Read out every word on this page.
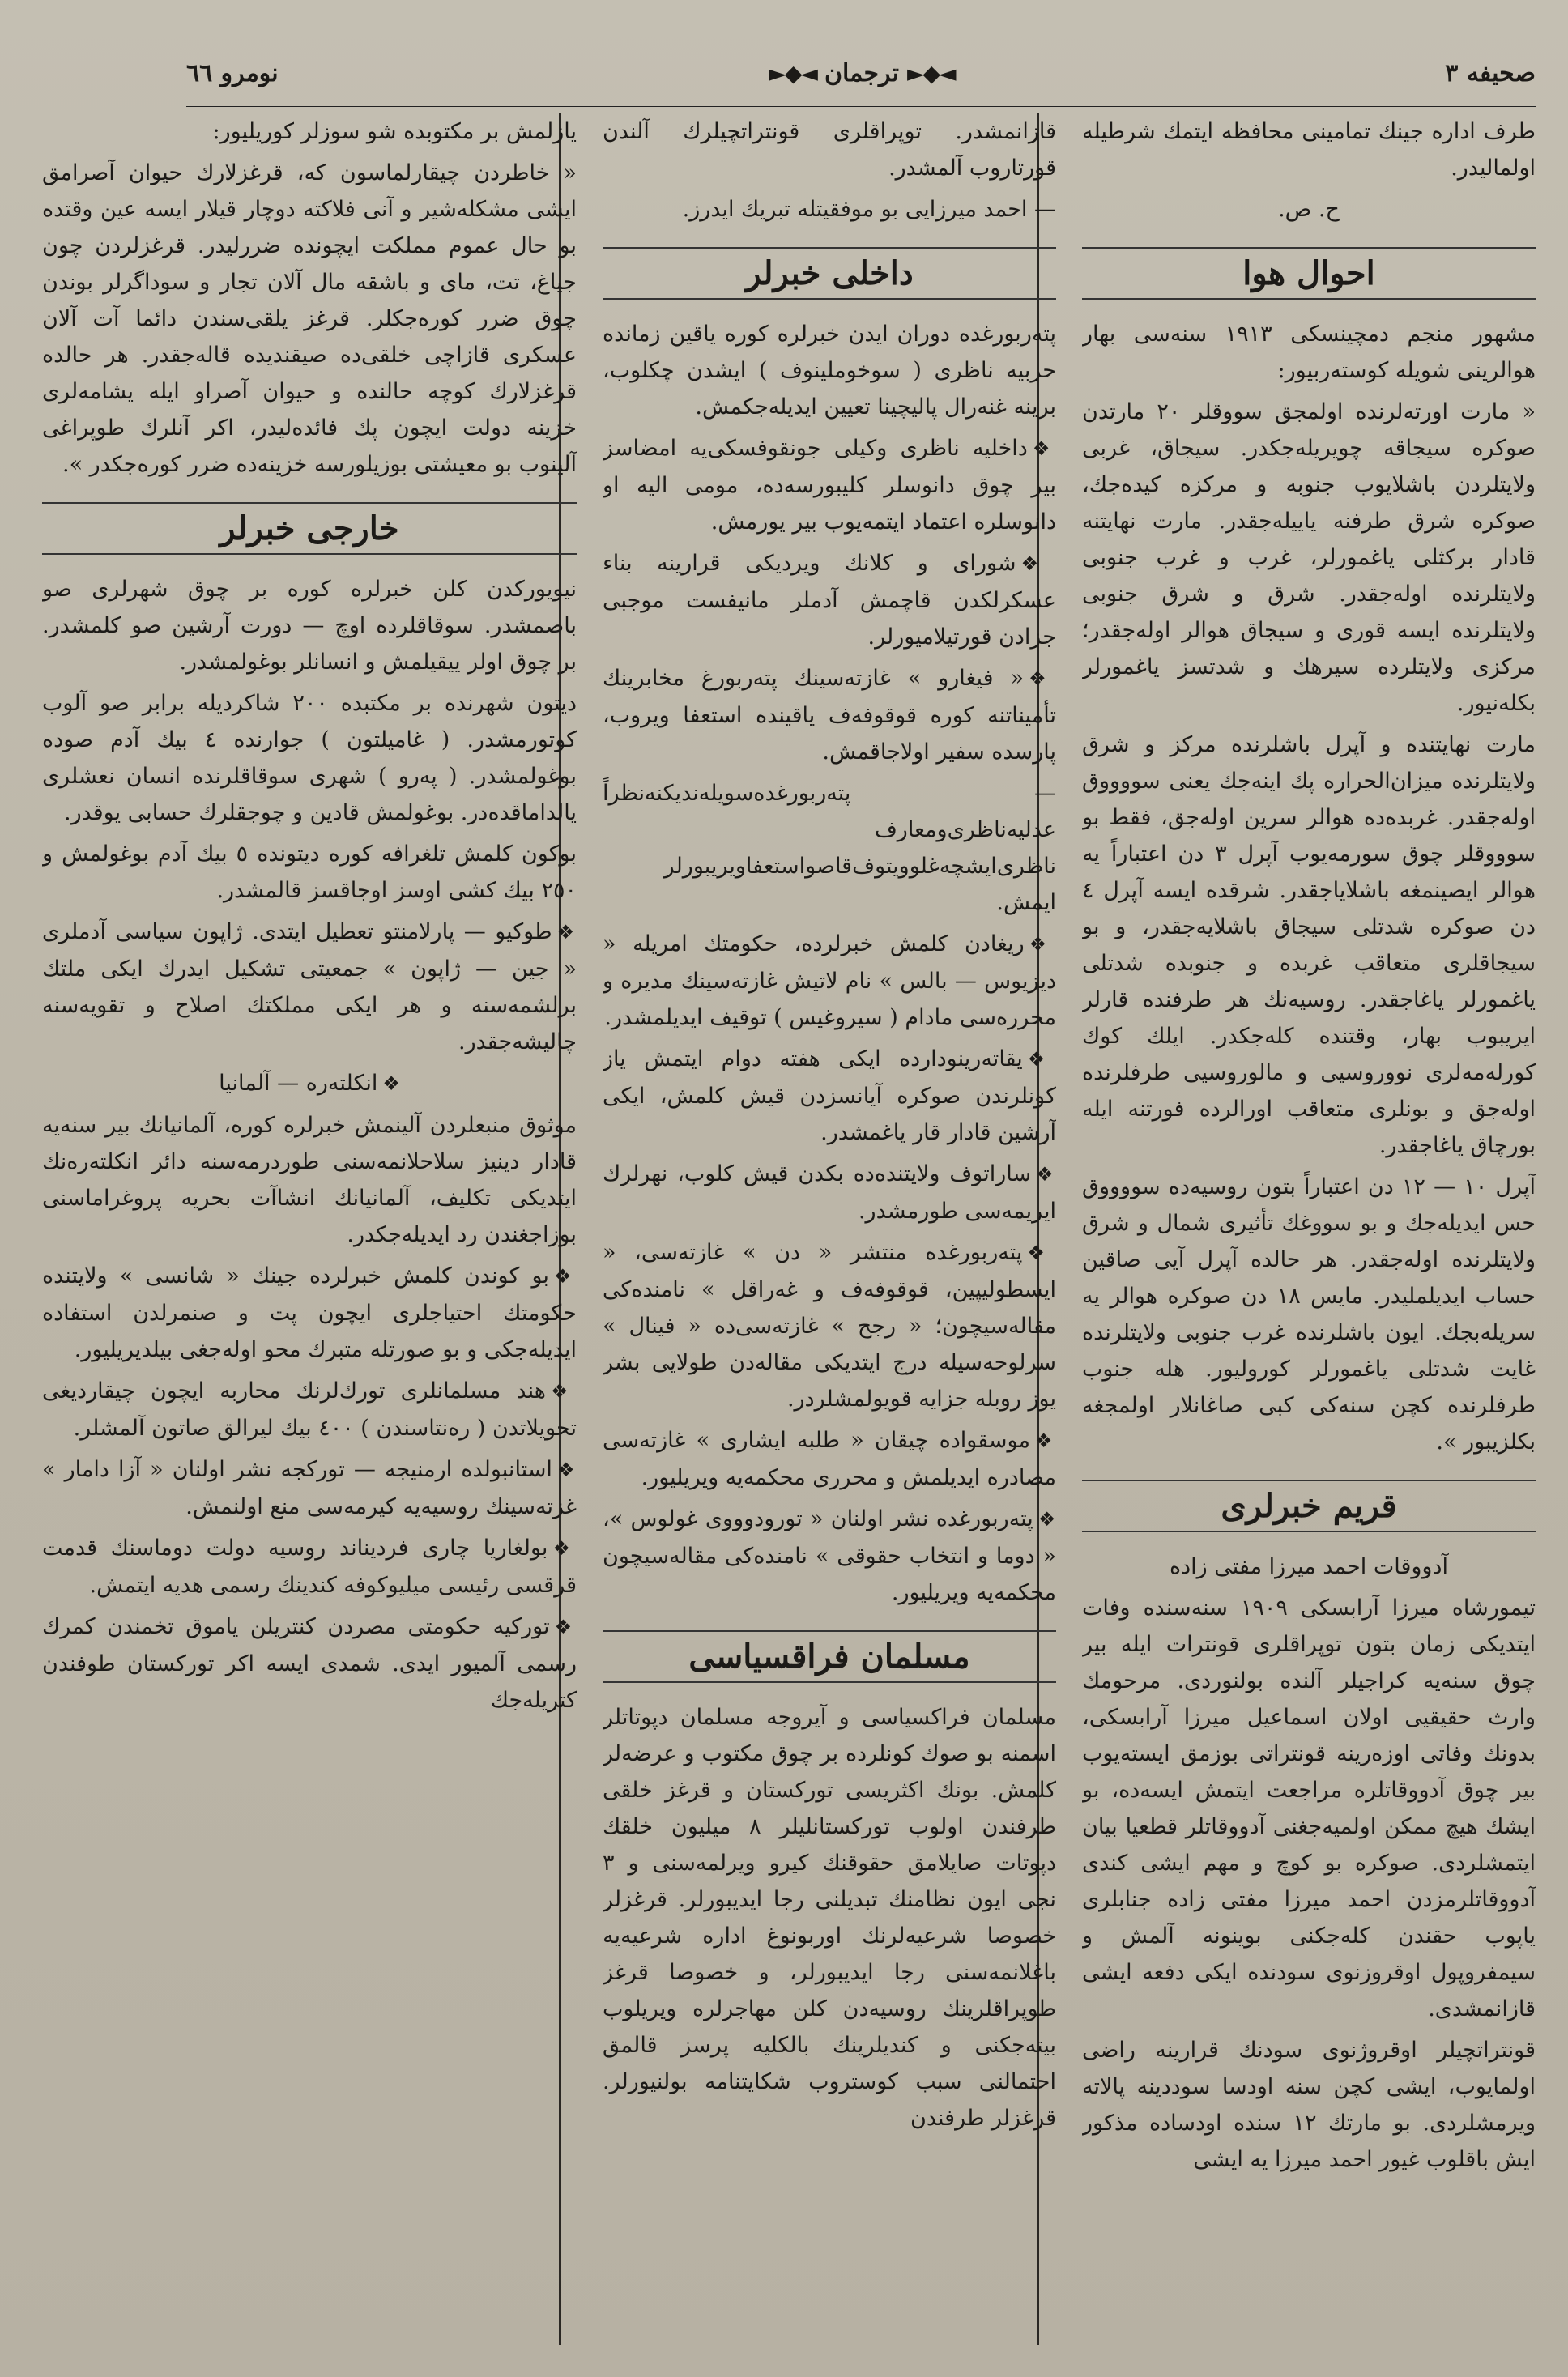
صحیفه ٣
◄◆►
ترجمان
◄◆►
نومرو ٦٦

طرف اداره جینك تمامینی محافظه ایتمك شرطیله اولمالیدر.

ح. ص.

احوال هوا

مشهور منجم دمچینسكی ١٩١٣ سنه‌سی بهار هوالرینی شویله كوسته‌ربیور:

« مارت اورته‌لرنده اولمجق سووقلر ٢٠ مارتدن صوكره سیجاقه چویریله‌جكدر. سیجاق، غربی ولایتلردن باشلایوب جنوبه و مركزه كیده‌جك، صوكره شرق طرفنه یاییله‌جقدر. مارت نهایتنه قادار بركثلی یاغمورلر، غرب و غرب جنوبی ولایتلرنده اوله‌جقدر. شرق و شرق جنوبی ولایتلرنده ایسه قوری و سیجاق هوالر اوله‌جقدر؛ مركزی ولایتلرده سیرهك و شدتسز یاغمورلر بكله‌نیور.

مارت نهایتنده و آپرل باشلرنده مركز و شرق ولایتلرنده میزان‌الحراره پك اینه‌جك یعنی سووووق اوله‌جقدر. غربده‌ده هوالر سرین اوله‌جق، فقط بو سوووقلر چوق سورمه‌یوب آپرل ٣ دن اعتباراً یه هوالر ایصینمغه باشلایاجقدر. شرقده ایسه آپرل ٤ دن صوكره شدتلی سیجاق باشلایه‌جقدر، و بو سیجاقلری متعاقب غربده و جنوبده شدتلی یاغمورلر یاغاجقدر. روسیه‌نك هر طرفنده قارلر ایریبوب بهار، وقتنده كله‌جكدر. ایلك كوك كورله‌مه‌لری نووروسیی و مالوروسیی طرفلرنده اوله‌جق و بونلری متعاقب اورالرده فورتنه ایله بورچاق یاغاجقدر.

آپرل ١٠ — ١٢ دن اعتباراً بتون روسیه‌ده سووووق حس ایدیله‌جك و بو سووغك تأثیری شمال و شرق ولایتلرنده اوله‌جقدر. هر حالده آپرل آیی صاقین حساب ایدیلملیدر. مایس ١٨ دن صوكره هوالر یه سریله‌بجك. ایون باشلرنده غرب جنوبی ولایتلرنده غایت شدتلی یاغمورلر كورولیور. هله جنوب طرفلرنده كچن سنه‌كی كبی صاغانلار اولمجغه بكلزیبور ».

قریم خبرلری

آدووقات احمد میرزا مفتی زاده

تیمورشاه میرزا آرابسكی ١٩٠٩ سنه‌سنده وفات ایتدیكی زمان بتون توپراقلری قونترات ایله بیر چوق سنه‌یه كراجیلر آلنده بولنوردی. مرحومك وارث حقیقیی اولان اسماعیل میرزا آرابسكی، بدونك وفاتی اوزه‌رینه قونتراتی بوزمق ایسته‌یوب بیر چوق آدووقاتلره مراجعت ایتمش ایسه‌ده، بو ایشك هیچ ممكن اولمیه‌جغنی آدووقاتلر قطعیا بیان ایتمشلردی. صوكره بو كوچ و مهم ایشی كندی آدووقاتلرمزدن احمد میرزا مفتی زاده جنابلری یاپوب حقندن كله‌جكنی بوینونه آلمش و سیمفروپول اوقروزنوی سودنده ایكی دفعه ایشی قازانمشدی.

قونتراتچیلر اوقروژنوی سودنك قرارینه راضی اولمایوب، ایشی كچن سنه اودسا سوددینه پالاته ویرمشلردی. بو مارتك ١٢ سنده اودسا‌ده مذكور ایش باقلوب غیور احمد میرزا یه ایشی

قازانمشدر. توپراقلری قونتراتچیلرك آلندن قورتاروب آلمشدر.

— احمد میرزایی بو موفقیتله تبریك ایدرز.

داخلی خبرلر

پته‌ربورغده دوران ایدن خبرلره كوره یاقین زمانده حربیه ناظری ( سوخوملینوف ) ایشدن چكلوب، برینه غنه‌رال پالیچینا تعیین ایدیله‌جكمش.

❖داخلیه ناظری وكیلی جونقوفسكی‌یه امضاسز بیر چوق دانوسلر كلیبورسه‌ده، مومی الیه او دانوسلره اعتماد ایتمه‌یوب بیر یورمش.

❖شورای و كلانك ویردیكی قرارینه بناء عسكرلكدن قاچمش آدملر مانیفست موجبی جزادن قورتیلامیورلر.

❖« فیغارو » غازته‌سینك پته‌ربورغ مخابرینك تأمیناتنه كوره قوقوفه‌ف یاقینده استعفا ویروب، پارسده سفیر اولاجاقمش.

— پته‌ربورغده‌سویله‌ندیكنه‌نظراً عدلیه‌ناظری‌و‌معارف ناظری‌ایشچه‌غلوویتوف‌قاصو‌استعفا‌ویریبورلر ایمش.

❖ریغادن كلمش خبرلرده، حكومتك امریله « دیزیوس — بالس » نام لاتیش غازته‌سینك مدیره و محرره‌سی مادام ( سیروغیس ) توقیف ایدیلمشدر.

❖یقاته‌رینودارده ایكی هفته دوام ایتمش یاز كونلرندن صوكره آیانسزدن قیش كلمش، ایكی آرشین قادار قار یاغمشدر.

❖ساراتوف ولایتنده‌ده بكدن قیش كلوب، نهرلرك ایریمه‌سی طورمشدر.

❖پته‌ربورغده منتشر « دن » غازته‌سی، « ایسطولیپین، قوقوفه‌ف و غه‌راقل » نامنده‌كی مقاله‌سیچون؛ « رجح » غازته‌سی‌ده « فینال » سرلوحه‌سیله درج ایتدیكی مقاله‌دن طولایی بشر یوز روبله جزایه قویولمشلردر.

❖موسقواده چیقان « طلبه ایشاری » غازته‌سی مصادره ایدیلمش و محرری محكمه‌یه ویریلیور.

❖پته‌ربورغده نشر اولنان « تورودوووی غولوس »، « دوما و انتخاب حقوقی » نامنده‌كی مقاله‌سیچون محكمه‌یه ویریلیور.

مسلمان فراقسیاسی

مسلمان فراكسیاسی و آیروجه مسلمان دپوتاتلر اسمنه بو صوك كونلرده بر چوق مكتوب و عرضه‌لر كلمش. بونك اكثریسی توركستان و قرغز خلقی طرفندن اولوب توركستانلیلر ٨ میلیون خلقك دپوتات صایلامق حقوقنك كیرو ویرلمه‌سنی و ٣ نجی ایون نظامنك تبدیلنی رجا ایدیبورلر. قرغزلر خصوصا شرعیه‌لرنك اوربونوغ اداره شرعیه‌یه باغلانمه‌سنی رجا ایدیبورلر، و خصوصا قرغز طوپراقلرینك روسیه‌دن كلن مهاجرلره ویریلوب بیته‌جكنی و كندیلرینك بالكلیه پرسز قالمق احتمالنی سبب كوستروب شكایتنامه بولنیورلر. قرغزلر طرفندن

یازلمش بر مكتوبده شو سوزلر كوریلیور:

« خاطردن چیقارلماسون كه، قرغزلارك حیوان آصرامق ایشی مشكله‌شیر و آنی فلاكته دوچار قیلار ایسه عین وقتده بو حال عموم مملكت ایچونده ضررلیدر. قرغزلردن چون جیاغ، تت، مای و باشقه مال آلان تجار و سوداگرلر بوندن چوق ضرر كوره‌جكلر. قرغز یلقی‌سندن دائما آت آلان عسكری قازاچی خلقی‌ده صیقندیده قاله‌جقدر. هر حالده قرغزلارك كوچه حالنده و حیوان آصراو ایله یشامه‌لری خزینه دولت ایچون پك فائده‌لیدر، اكر آنلرك طوپراغی آلینوب بو معیشتی بوزیلورسه خزینه‌ده ضرر كوره‌جكدر ».

خارجی خبرلر

نیویوركدن كلن خبرلره كوره بر چوق شهرلری صو باصمشدر. سوقاقلرده اوچ — دورت آرشین صو كلمشدر. بر چوق اولر ییقیلمش و انسانلر بوغولمشدر.

دیتون شهرنده بر مكتبده ٢٠٠ شاكردیله برابر صو آلوب كوتورمشدر. ( غامیلتون ) جوارنده ٤ بیك آدم صوده بوغولمشدر. ( په‌رو ) شهری سوقاقلرنده انسان نعشلری یالداماقده‌در. بوغولمش قادین و چوجقلرك حسابی یوقدر.

بوكون كلمش تلغرافه كوره دیتونده ٥ بیك آدم بوغولمش و ٢٥٠ بیك كشی اوسز اوجاقسز قالمشدر.

❖طوكیو — پارلامنتو تعطیل ایتدی. ژاپون سیاسی آدملری « جین — ژاپون » جمعیتی تشكیل ایدرك ایكی ملتك برلشمه‌سنه و هر ایكی مملكتك اصلاح و تقویه‌سنه چالیشه‌جقدر.

❖انكلته‌ره — آلمانیا

موثوق منبعلردن آلینمش خبرلره كوره، آلمانیانك بیر سنه‌یه قادار دینیز سلاحلانمه‌سنی طوردرمه‌سنه دائر انكلته‌ره‌نك ایتدیكی تكلیف، آلمانیانك انشاآت بحریه پروغراماسنی بوزاجغندن رد ایدیله‌جكدر.

❖بو كوندن كلمش خبرلرده جینك « شانسی » ولایتنده حكومتك احتیاجلری ایچون پت و صنمرلدن استفاده ایدیله‌جكی و بو صورتله متبرك محو اوله‌جغی بیلدیریلیور.

❖هند مسلمانلری تورك‌لرنك محاربه ایچون چیقاردیغی تحویلاتدن ( ره‌نتاسندن ) ٤٠٠ بیك لیرالق صاتون آلمشلر.

❖استانبولده ارمنیجه — توركجه نشر اولنان « آزا دامار » غزته‌سینك روسیه‌یه كیرمه‌سی منع اولنمش.

❖بولغاریا چاری فردیناند روسیه دولت دوماسنك قدمت قرقسی رئیسی میلیوكوفه كندینك رسمی هدیه ایتمش.

❖توركیه حكومتی مصردن كنتریلن یاموق تخمندن كمرك رسمی آلمیور ایدی. شمدی ایسه اكر توركستان طوفندن كتریله‌جك
